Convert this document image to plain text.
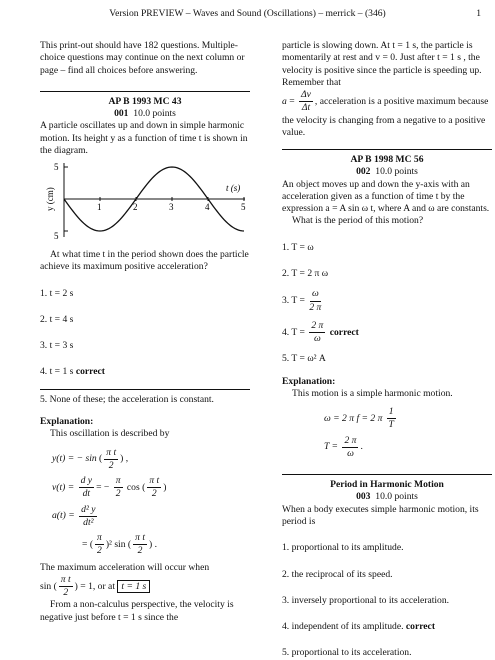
Version PREVIEW – Waves and Sound (Oscillations) – merrick – (346)	1

This print-out should have 182 questions. Multiple-choice questions may continue on the next column or page – find all choices before answering.

AP B 1993 MC 43

001 10.0 points

A particle oscillates up and down in simple harmonic motion. Its height y as a function of time t is shown in the diagram.

5
5
y (cm)	t (s)
1	2	3	4	5

At what time t in the period shown does the particle achieve its maximum positive acceleration?

1. t = 2 s

2. t = 4 s

3. t = 3 s

4. t = 1 s correct

5. None of these; the acceleration is constant.

Explanation:

This oscillation is described by

y(t) = − sin ( $\frac{\text{π t}}{2}$ ) ,
v(t) =
$\frac{\text{d y}}{dt}$ = −
$\frac{\pi}{2}$
cos ( $\frac{\text{π t}}{2}$ )
a(t) =
$\frac{\text{d² y}}{\text{dt²}}$
= ( $\frac{\pi}{2} )^2$ sin ( $\frac{\text{π t}}{2}$ ) .

The maximum acceleration will occur when

sin ( $\frac{\text{π t}}{2}$ ) = 1, or at t = 1 s

From a non-calculus perspective, the velocity is negative just before t = 1 s since the

particle is slowing down. At t = 1 s, the particle is momentarily at rest and v = 0. Just after t = 1 s , the velocity is positive since the particle is speeding up. Remember that

$a = \frac{\Delta v}{\Delta t}$ , acceleration is a positive maximum because the velocity is changing from a negative to a positive value.

AP B 1998 MC 56

002 10.0 points

An object moves up and down the y-axis with an acceleration given as a function of time t by the expression a = A sin ω t, where A and ω are constants.

What is the period of this motion?

1. T = ω

2. T = 2 π ω

3. $T = \frac{\omega}{2 \pi}$

4. $T = \frac{2 \pi}{\omega}$ correct

5. T = ω² A

Explanation:

This motion is a simple harmonic motion.

ω = 2 π f = 2 π
$\frac{1}{T}$
T =
$\frac{2 \pi}{\omega}$ .

Period in Harmonic Motion

003 10.0 points

When a body executes simple harmonic motion, its period is

1. proportional to its amplitude.

2. the reciprocal of its speed.

3. inversely proportional to its acceleration.

4. independent of its amplitude. correct

5. proportional to its acceleration.
